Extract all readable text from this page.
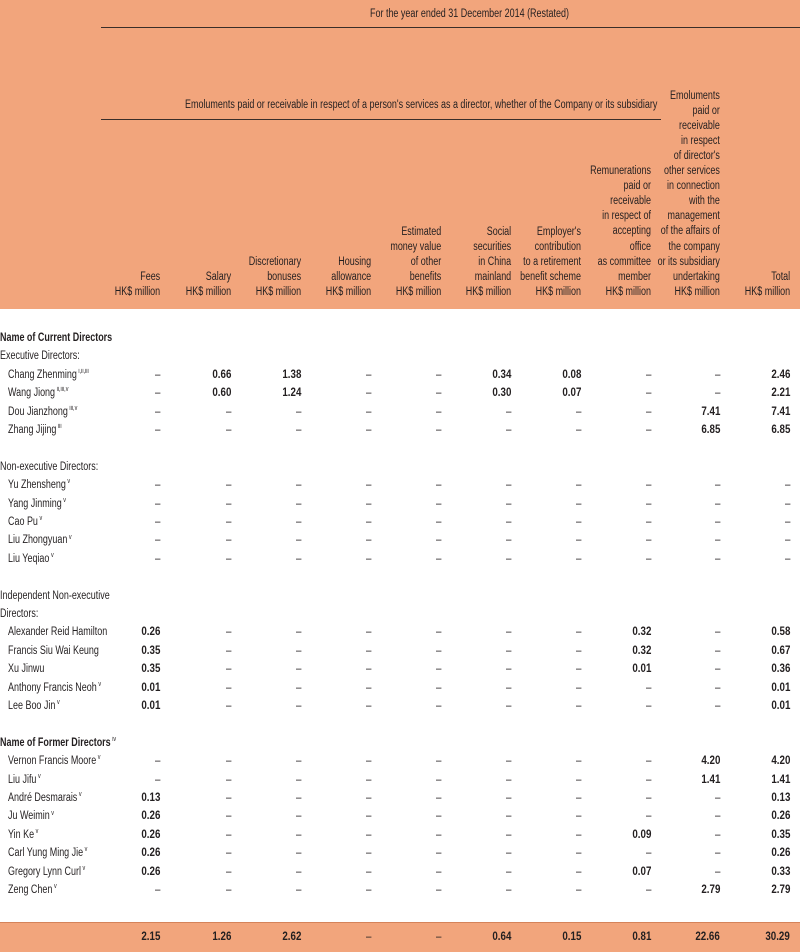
For the year ended 31 December 2014 (Restated)
Emoluments paid or receivable in respect of a person's services as a director, whether of the Company or its subsidiary
Fees
HK$ million
Salary
HK$ million
Discretionary
bonuses
HK$ million
Housing
allowance
HK$ million
Estimated
money value
of other
benefits
HK$ million
Social
securities
in China
mainland
HK$ million
Employer's
contribution
to a retirement
benefit scheme
HK$ million
Remunerations
paid or
receivable
in respect of
accepting
office
as committee
member
HK$ million
Emoluments
paid or
receivable
in respect
of director's
other services
in connection
with the
management
of the affairs of
the company
or its subsidiary
undertaking
HK$ million
Total
HK$ million
Name of Current Directors
Executive Directors:
Chang Zhenming $^{i,ii,iii}$	–	0.66	1.38	–	–	0.34	0.08	–	–	2.46
Wang Jiong $^{ii,iii,v}$	–	0.60	1.24	–	–	0.30	0.07	–	–	2.21
Dou Jianzhong $^{iii,v}$	–	–	–	–	–	–	–	–	7.41	7.41
Zhang Jijing $^{iii}$	–	–	–	–	–	–	–	–	6.85	6.85
Non-executive Directors:
Yu Zhensheng $^v$	–	–	–	–	–	–	–	–	–	–
Yang Jinming $^v$	–	–	–	–	–	–	–	–	–	–
Cao Pu $^v$	–	–	–	–	–	–	–	–	–	–
Liu Zhongyuan $^v$	–	–	–	–	–	–	–	–	–	–
Liu Yeqiao $^v$	–	–	–	–	–	–	–	–	–	–
Independent Non-executive
Directors:
Alexander Reid Hamilton	0.26	–	–	–	–	–	–	0.32	–	0.58
Francis Siu Wai Keung	0.35	–	–	–	–	–	–	0.32	–	0.67
Xu Jinwu	0.35	–	–	–	–	–	–	0.01	–	0.36
Anthony Francis Neoh $^v$	0.01	–	–	–	–	–	–	–	–	0.01
Lee Boo Jin $^v$	0.01	–	–	–	–	–	–	–	–	0.01
Name of Former Directors $^{iv}$
Vernon Francis Moore $^v$	–	–	–	–	–	–	–	–	4.20	4.20
Liu Jifu $^v$	–	–	–	–	–	–	–	–	1.41	1.41
André Desmarais $^v$	0.13	–	–	–	–	–	–	–	–	0.13
Ju Weimin $^v$	0.26	–	–	–	–	–	–	–	–	0.26
Yin Ke $^v$	0.26	–	–	–	–	–	–	0.09	–	0.35
Carl Yung Ming Jie $^v$	0.26	–	–	–	–	–	–	–	–	0.26
Gregory Lynn Curl $^v$	0.26	–	–	–	–	–	–	0.07	–	0.33
Zeng Chen $^v$	–	–	–	–	–	–	–	–	2.79	2.79
2.15	1.26	2.62	–	–	0.64	0.15	0.81	22.66	30.29
